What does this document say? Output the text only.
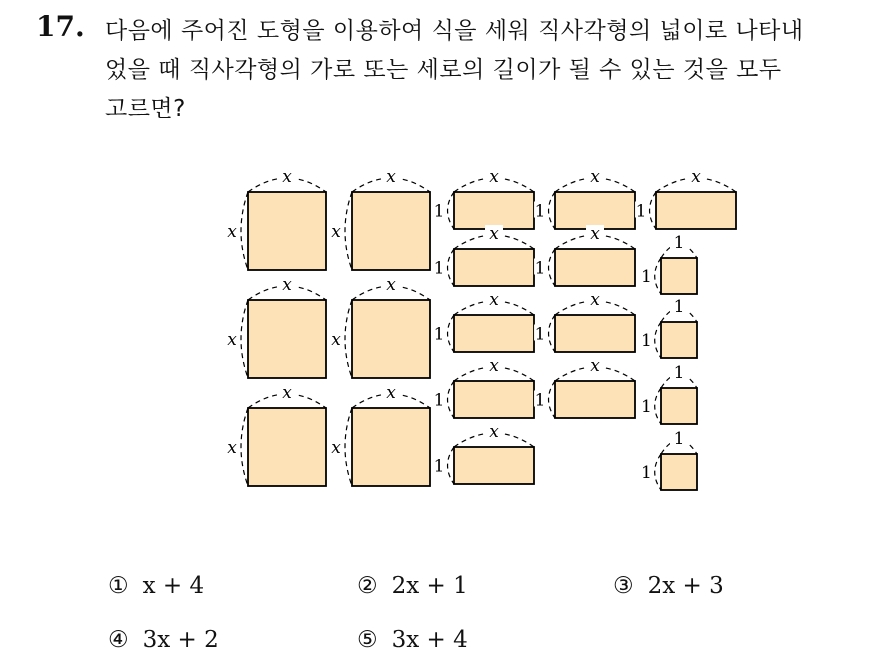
17. 다음에 주어진 도형을 이용하여 식을 세워 직사각형의 넓이로 나타내
었을 때 직사각형의 가로 또는 세로의 길이가 될 수 있는 것을 모두
고르면?
x
x
x
x
x
x
x
x
x
x
x
x
x
1
x
1
x
1
x
1
x
1
x
1
x
1
x
1
x
1
x
1
1
1
1
1
1
1
1
1
① x + 4	② 2x + 1	③ 2x + 3
④ 3x + 2	⑤ 3x + 4
